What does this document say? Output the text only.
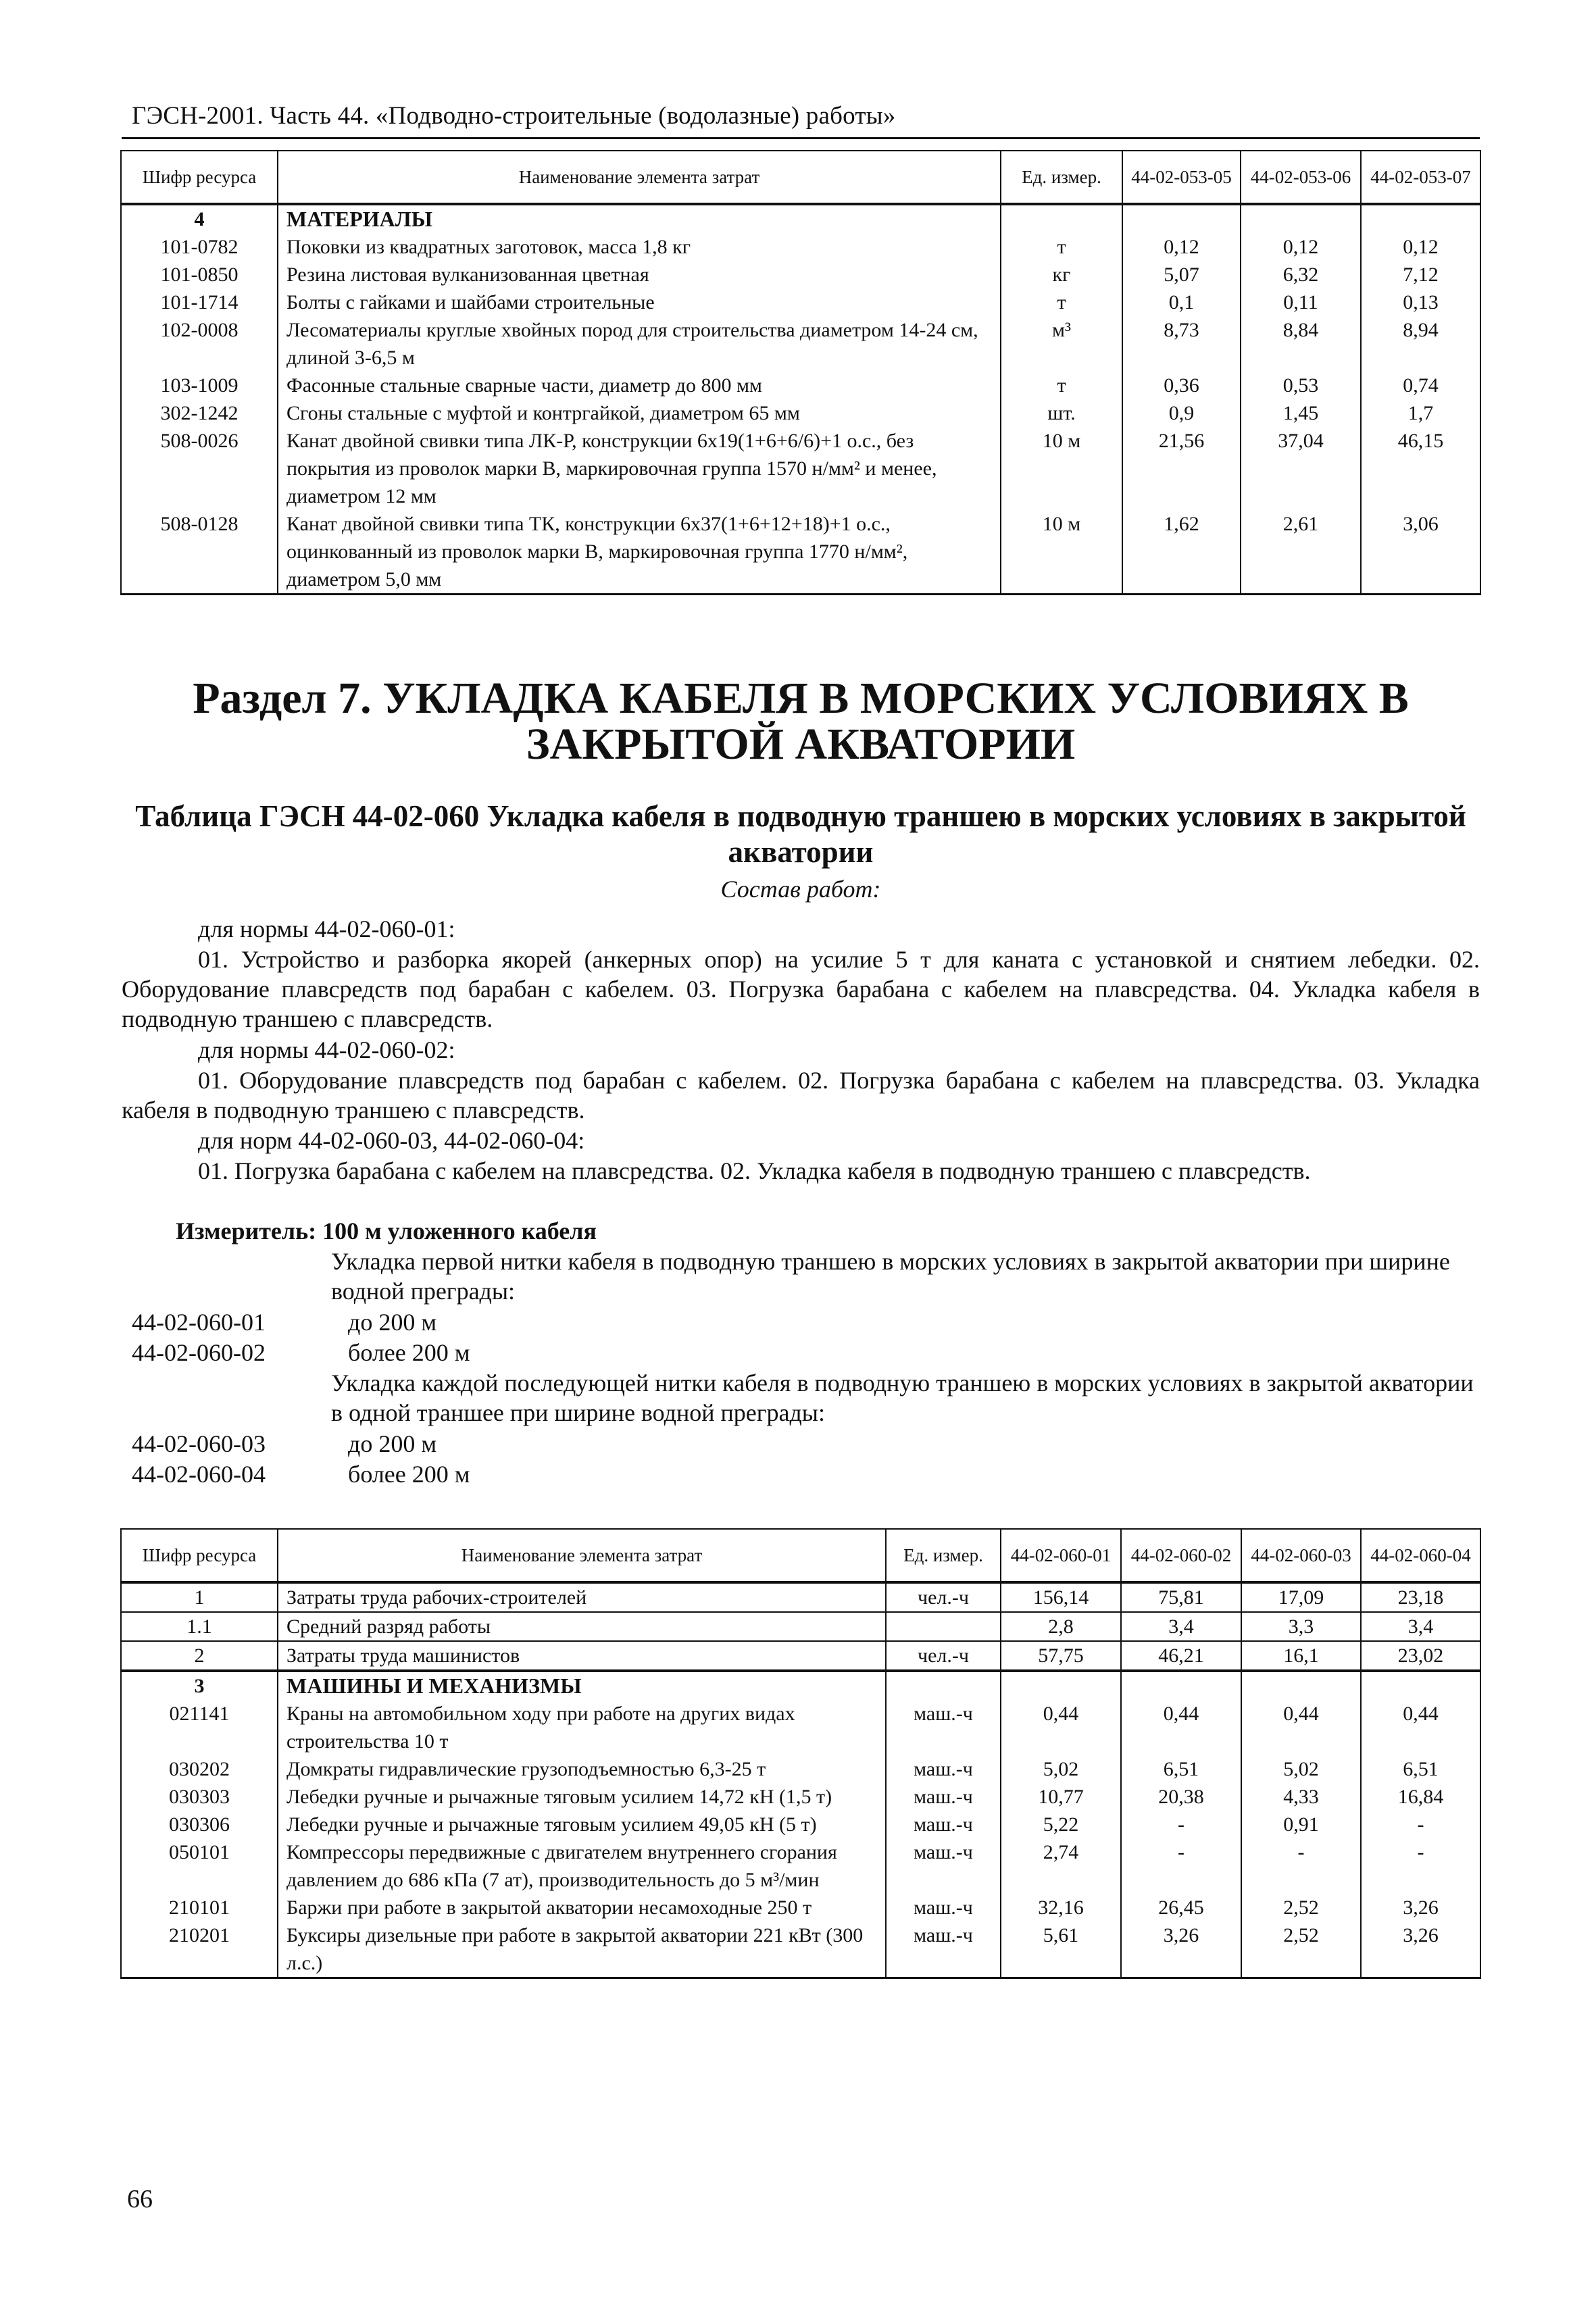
ГЭСН-2001. Часть 44. «Подводно-строительные (водолазные) работы»
Шифр ресурса	Наименование элемента затрат	Ед. измер.	44-02-053-05	44-02-053-06	44-02-053-07
4	МАТЕРИАЛЫ				
101-0782	Поковки из квадратных заготовок, масса 1,8 кг	т	0,12	0,12	0,12
101-0850	Резина листовая вулканизованная цветная	кг	5,07	6,32	7,12
101-1714	Болты с гайками и шайбами строительные	т	0,1	0,11	0,13
102-0008	Лесоматериалы круглые хвойных пород для строительства диаметром 14-24 см, длиной 3-6,5 м	м³	8,73	8,84	8,94
103-1009	Фасонные стальные сварные части, диаметр до 800 мм	т	0,36	0,53	0,74
302-1242	Сгоны стальные с муфтой и контргайкой, диаметром 65 мм	шт.	0,9	1,45	1,7
508-0026	Канат двойной свивки типа ЛК-Р, конструкции 6х19(1+6+6/6)+1 о.с., без покрытия из проволок марки В, маркировочная группа 1570 н/мм² и менее, диаметром 12 мм	10 м	21,56	37,04	46,15
508-0128	Канат двойной свивки типа ТК, конструкции 6х37(1+6+12+18)+1 о.с., оцинкованный из проволок марки В, маркировочная группа 1770 н/мм², диаметром 5,0 мм	10 м	1,62	2,61	3,06
Раздел 7. УКЛАДКА КАБЕЛЯ В МОРСКИХ УСЛОВИЯХ В ЗАКРЫТОЙ АКВАТОРИИ
Таблица ГЭСН 44-02-060 Укладка кабеля в подводную траншею в морских условиях в закрытой акватории
Состав работ:
для нормы 44-02-060-01:
01. Устройство и разборка якорей (анкерных опор) на усилие 5 т для каната с установкой и снятием лебедки. 02. Оборудование плавсредств под барабан с кабелем. 03. Погрузка барабана с кабелем на плавсредства. 04. Укладка кабеля в подводную траншею с плавсредств.
для нормы 44-02-060-02:
01. Оборудование плавсредств под барабан с кабелем. 02. Погрузка барабана с кабелем на плавсредства. 03. Укладка кабеля в подводную траншею с плавсредств.
для норм 44-02-060-03, 44-02-060-04:
01. Погрузка барабана с кабелем на плавсредства. 02. Укладка кабеля в подводную траншею с плавсредств.
Измеритель: 100 м уложенного кабеля
Укладка первой нитки кабеля в подводную траншею в морских условиях в закрытой акватории при ширине водной преграды:
44-02-060-01	до 200 м
44-02-060-02	более 200 м
Укладка каждой последующей нитки кабеля в подводную траншею в морских условиях в закрытой акватории в одной траншее при ширине водной преграды:
44-02-060-03	до 200 м
44-02-060-04	более 200 м
Шифр ресурса	Наименование элемента затрат	Ед. измер.	44-02-060-01	44-02-060-02	44-02-060-03	44-02-060-04
1	Затраты труда рабочих-строителей	чел.-ч	156,14	75,81	17,09	23,18
1.1	Средний разряд работы		2,8	3,4	3,3	3,4
2	Затраты труда машинистов	чел.-ч	57,75	46,21	16,1	23,02
3	МАШИНЫ И МЕХАНИЗМЫ					
021141	Краны на автомобильном ходу при работе на других видах строительства 10 т	маш.-ч	0,44	0,44	0,44	0,44
030202	Домкраты гидравлические грузоподъемностью 6,3-25 т	маш.-ч	5,02	6,51	5,02	6,51
030303	Лебедки ручные и рычажные тяговым усилием 14,72 кН (1,5 т)	маш.-ч	10,77	20,38	4,33	16,84
030306	Лебедки ручные и рычажные тяговым усилием 49,05 кН (5 т)	маш.-ч	5,22	-	0,91	-
050101	Компрессоры передвижные с двигателем внутреннего сгорания давлением до 686 кПа (7 ат), производительность до 5 м³/мин	маш.-ч	2,74	-	-	-
210101	Баржи при работе в закрытой акватории несамоходные 250 т	маш.-ч	32,16	26,45	2,52	3,26
210201	Буксиры дизельные при работе в закрытой акватории 221 кВт (300 л.с.)	маш.-ч	5,61	3,26	2,52	3,26
66
